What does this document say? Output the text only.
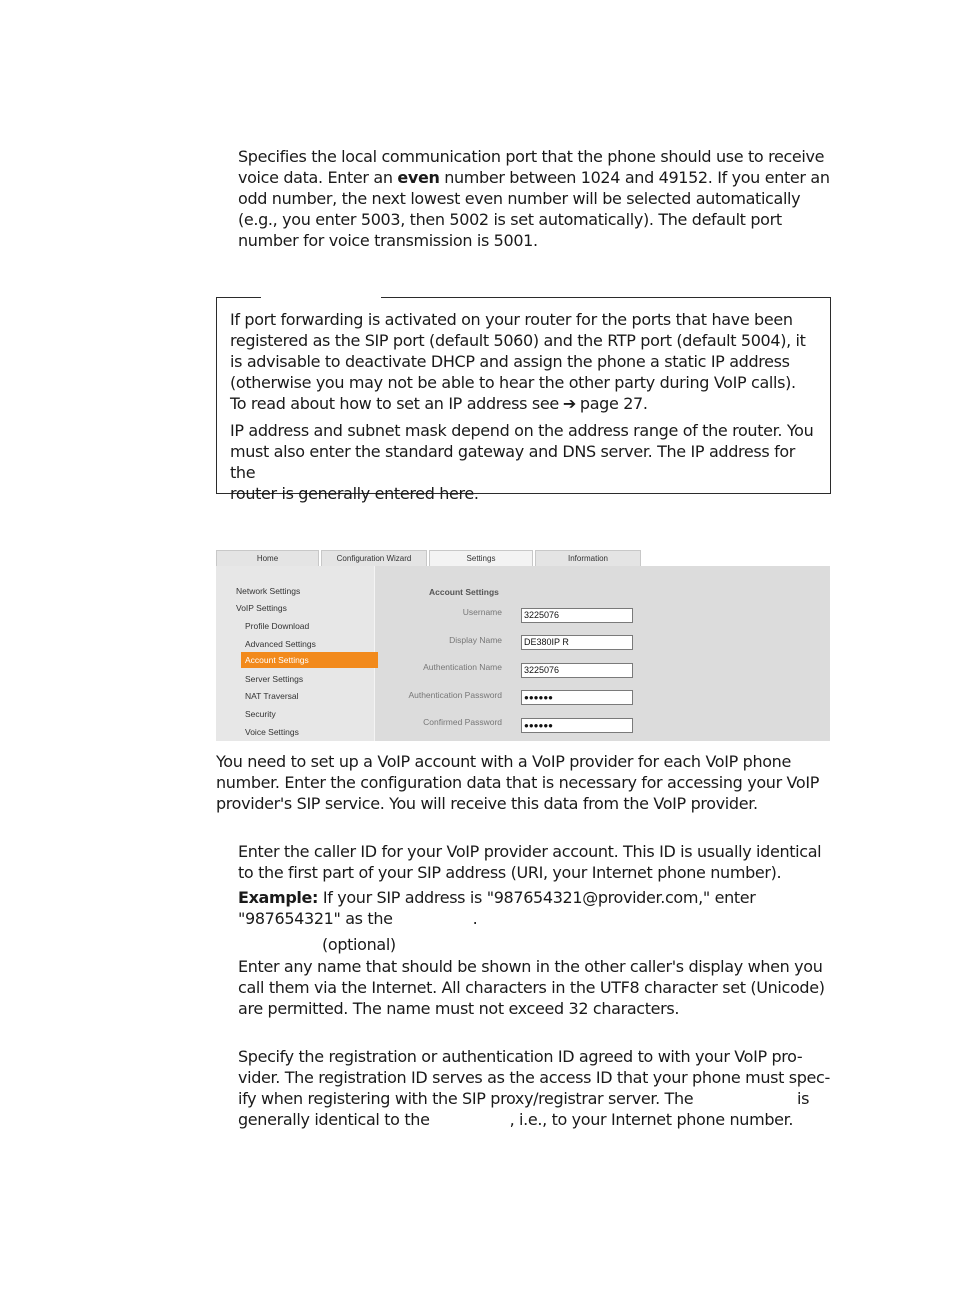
Specifies the local communication port that the phone should use to receive
voice data. Enter an even number between 1024 and 49152. If you enter an
odd number, the next lowest even number will be selected automatically
(e.g., you enter 5003, then 5002 is set automatically). The default port
number for voice transmission is 5001.
If port forwarding is activated on your router for the ports that have been
registered as the SIP port (default 5060) and the RTP port (default 5004), it
is advisable to deactivate DHCP and assign the phone a static IP address
(otherwise you may not be able to hear the other party during VoIP calls).
To read about how to set an IP address see ➔ page 27.
IP address and subnet mask depend on the address range of the router. You
must also enter the standard gateway and DNS server. The IP address for the
router is generally entered here.
Home	Configuration Wizard	Settings	Information
Network Settings
VoIP Settings
Profile Download
Advanced Settings
Account Settings
Server Settings
NAT Traversal
Security
Voice Settings
Account Settings
Username	3225076
Display Name	DE380IP R
Authentication Name	3225076
Authentication Password	●●●●●●
Confirmed Password	●●●●●●
You need to set up a VoIP account with a VoIP provider for each VoIP phone
number. Enter the configuration data that is necessary for accessing your VoIP
provider's SIP service. You will receive this data from the VoIP provider.
Enter the caller ID for your VoIP provider account. This ID is usually identical
to the first part of your SIP address (URI, your Internet phone number).
Example: If your SIP address is "987654321@provider.com," enter
"987654321" as the	.
(optional)
Enter any name that should be shown in the other caller's display when you
call them via the Internet. All characters in the UTF8 character set (Unicode)
are permitted. The name must not exceed 32 characters.
Specify the registration or authentication ID agreed to with your VoIP pro-
vider. The registration ID serves as the access ID that your phone must spec-
ify when registering with the SIP proxy/registrar server. The	is
generally identical to the	, i.e., to your Internet phone number.
